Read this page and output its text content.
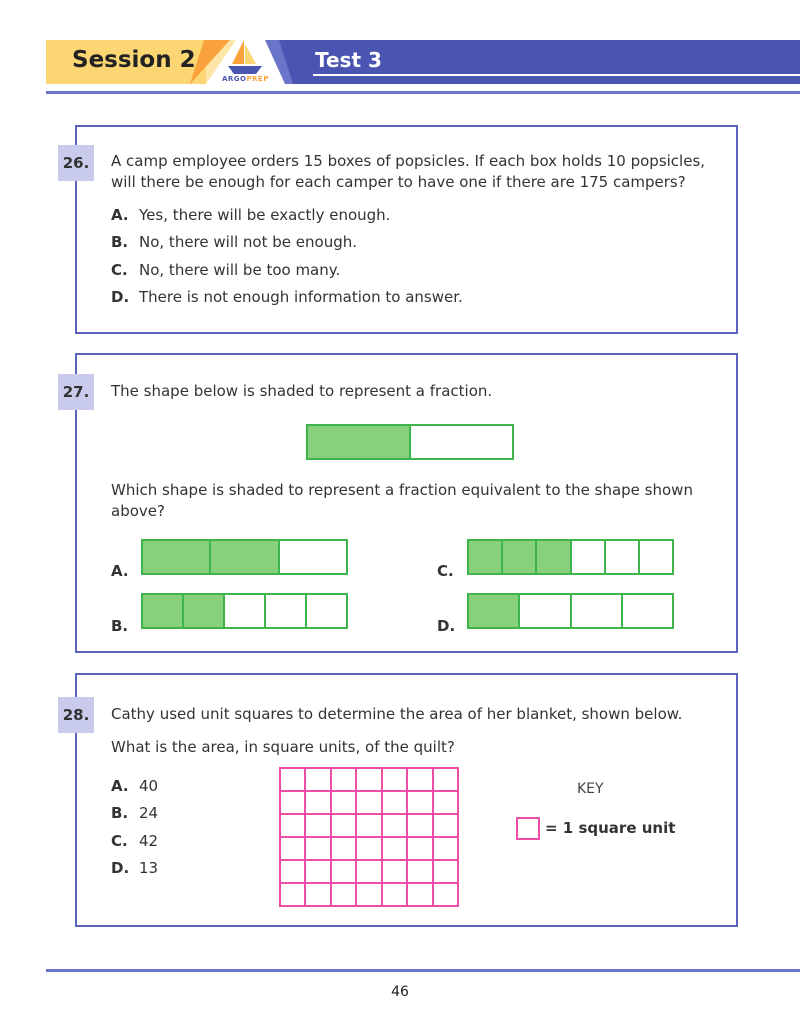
Session 2
ARGOPREP
Test 3
26.	A camp employee orders 15 boxes of popsicles. If each box holds 10 popsicles,
will there be enough for each camper to have one if there are 175 campers?
A. Yes, there will be exactly enough.
B. No, there will not be enough.
C. No, there will be too many.
D. There is not enough information to answer.
27.	The shape below is shaded to represent a fraction.
Which shape is shaded to represent a fraction equivalent to the shape shown
above?
A.
B.
C.
D.
28.	Cathy used unit squares to determine the area of her blanket, shown below.
What is the area, in square units, of the quilt?
A. 40
B. 24
C. 42
D. 13
KEY
= 1 square unit
46
